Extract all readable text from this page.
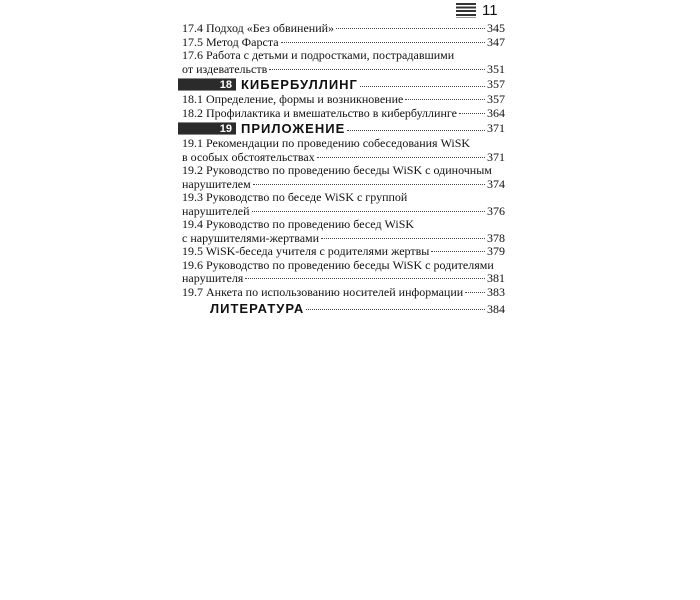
11
17.4 Подход «Без обвинений»	345
17.5 Метод Фарста	347
17.6 Работа с детьми и подростками, пострадавшими
от издевательств	351
18 КИБЕРБУЛЛИНГ	357
18.1 Определение, формы и возникновение	357
18.2 Профилактика и вмешательство в кибербуллинге	364
19 ПРИЛОЖЕНИЕ	371
19.1 Рекомендации по проведению собеседования WiSK
в особых обстоятельствах	371
19.2 Руководство по проведению беседы WiSK с одиночным
нарушителем	374
19.3 Руководство по беседе WiSK с группой
нарушителей	376
19.4 Руководство по проведению бесед WiSK
с нарушителями-жертвами	378
19.5 WiSK-беседа учителя с родителями жертвы	379
19.6 Руководство по проведению беседы WiSK с родителями
нарушителя	381
19.7 Анкета по использованию носителей информации 383
ЛИТЕРАТУРА	384
